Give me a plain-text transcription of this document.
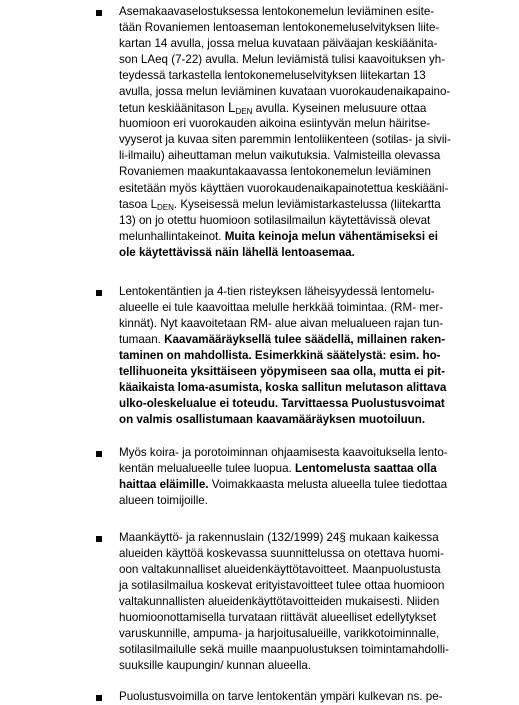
Asemakaavaselostuksessa lentokonemelun leviäminen esite-
tään Rovaniemen lentoaseman lentokonemeluselvityksen liite-
kartan 14 avulla, jossa melua kuvataan päiväajan keskiäänita-
son LAeq (7-22) avulla. Melun leviämistä tulisi kaavoituksen yh-
teydessä tarkastella lentokonemeluselvityksen liitekartan 13
avulla, jossa melun leviäminen kuvataan vuorokaudenaikapaino-
tetun keskiäänitason $L_{DEN}$ avulla. Kyseinen melusuure ottaa
huomioon eri vuorokauden aikoina esiintyvän melun häiritse-
vyyserot ja kuvaa siten paremmin lentoliikenteen (sotilas- ja sivii-
li-ilmailu) aiheuttaman melun vaikutuksia. Valmisteilla olevassa
Rovaniemen maakuntakaavassa lentokonemelun leviäminen
esitetään myös käyttäen vuorokaudenaikapainotettua keskiääni-
tasoa $L_{DEN}$. Kyseisessä melun leviämistarkastelussa (liitekartta
13) on jo otettu huomioon sotilasilmailun käytettävissä olevat
melunhallintakeinot. Muita keinoja melun vähentämiseksi ei
ole käytettävissä näin lähellä lentoasemaa.
Lentokentäntien ja 4-tien risteyksen läheisyydessä lentomelu-
alueelle ei tule kaavoittaa melulle herkkää toimintaa. (RM- mer-
kinnät). Nyt kaavoitetaan RM- alue aivan melualueen rajan tun-
tumaan. Kaavamääräyksellä tulee säädellä, millainen raken-
taminen on mahdollista. Esimerkkinä säätelystä: esim. ho-
tellihuoneita yksittäiseen yöpymiseen saa olla, mutta ei pit-
käaikaista loma-asumista, koska sallitun melutason alittava
ulko-oleskelualue ei toteudu. Tarvittaessa Puolustusvoimat
on valmis osallistumaan kaavamääräyksen muotoiluun.
Myös koira- ja porotoiminnan ohjaamisesta kaavoituksella lento-
kentän melualueelle tulee luopua. Lentomelusta saattaa olla
haittaa eläimille. Voimakkaasta melusta alueella tulee tiedottaa
alueen toimijoille.
Maankäyttö- ja rakennuslain (132/1999) 24§ mukaan kaikessa
alueiden käyttöä koskevassa suunnittelussa on otettava huomi-
oon valtakunnalliset alueidenkäyttötavoitteet. Maanpuolustusta
ja sotilasilmailua koskevat erityistavoitteet tulee ottaa huomioon
valtakunnallisten alueidenkäyttötavoitteiden mukaisesti. Niiden
huomioonottamisella turvataan riittävät alueelliset edellytykset
varuskunnille, ampuma- ja harjoitusalueille, varikkotoiminnalle,
sotilasilmailulle sekä muille maanpuolustuksen toimintamahdolli-
suuksille kaupungin/ kunnan alueella.
Puolustusvoimilla on tarve lentokentän ympäri kulkevan ns. pe-
